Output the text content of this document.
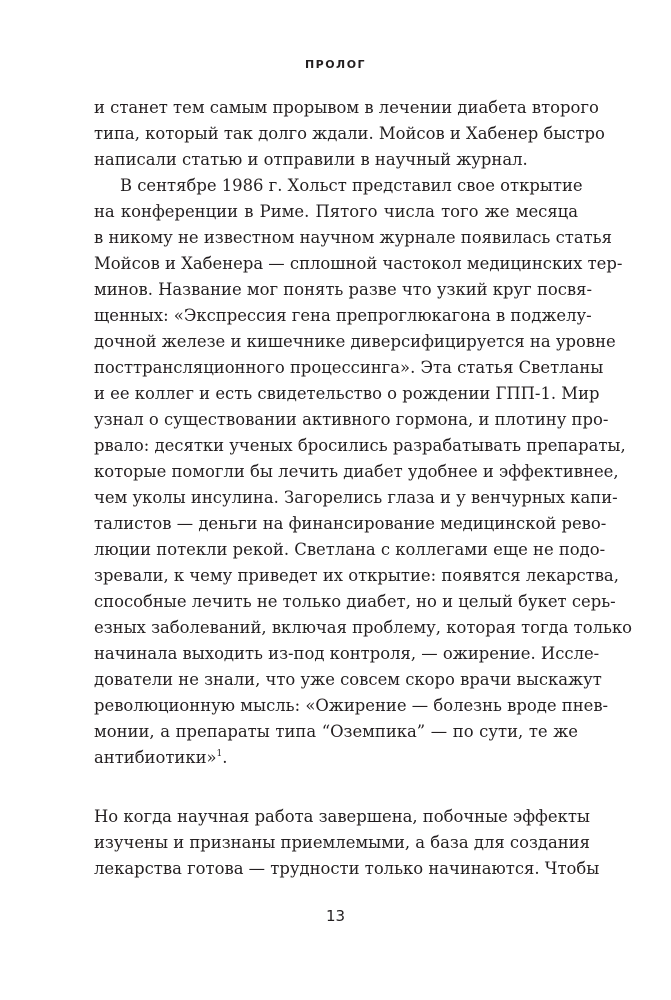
ПРОЛОГ
и станет тем самым прорывом в лечении диабета второго
типа, который так долго ждали. Мойсов и Хабенер быстро
написали статью и отправили в научный журнал.
В сентябре 1986 г. Хольст представил свое открытие
на конференции в Риме. Пятого числа того же месяца
в никому не известном научном журнале появилась статья
Мойсов и Хабенера — сплошной частокол медицинских тер-
минов. Название мог понять разве что узкий круг посвя-
щенных: «Экспрессия гена препроглюкагона в поджелу-
дочной железе и кишечнике диверсифицируется на уровне
посттрансляционного процессинга». Эта статья Светланы
и ее коллег и есть свидетельство о рождении ГПП-1. Мир
узнал о существовании активного гормона, и плотину про-
рвало: десятки ученых бросились разрабатывать препараты,
которые помогли бы лечить диабет удобнее и эффективнее,
чем уколы инсулина. Загорелись глаза и у венчурных капи-
талистов — деньги на финансирование медицинской рево-
люции потекли рекой. Светлана с коллегами еще не подо-
зревали, к чему приведет их открытие: появятся лекарства,
способные лечить не только диабет, но и целый букет серь-
езных заболеваний, включая проблему, которая тогда только
начинала выходить из-под контроля, — ожирение. Иссле-
дователи не знали, что уже совсем скоро врачи выскажут
революционную мысль: «Ожирение — болезнь вроде пнев-
монии, а препараты типа “Оземпика” — по сути, те же
антибиотики»$^1$.
Но когда научная работа завершена, побочные эффекты
изучены и признаны приемлемыми, а база для создания
лекарства готова — трудности только начинаются. Чтобы
13
